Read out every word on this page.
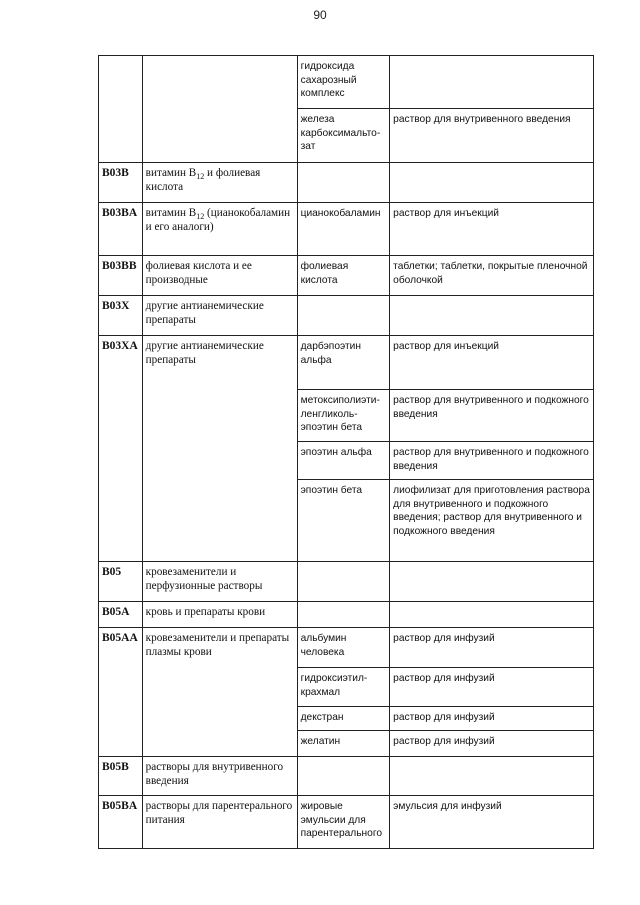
90

		гидроксида сахарозный комплекс	

		железа карбоксимальто-зат	раствор для внутривенного введения
B03B	витамин $B_{12}$ и фолиевая кислота		
B03BA	витамин $B_{12}$ (цианокобаламин и его аналоги)	цианокобаламин	раствор для инъекций
B03BB	фолиевая кислота и ее производные	фолиевая кислота	таблетки; таблетки, покрытые пленочной оболочкой
B03X	другие антианемические препараты		
B03XA	другие антианемические препараты	дарбэпоэтин альфа	раствор для инъекций
		метоксиполиэти-ленгликоль-эпоэтин бета	раствор для внутривенного и подкожного введения
		эпоэтин альфа	раствор для внутривенного и подкожного введения
		эпоэтин бета	лиофилизат для приготовления раствора для внутривенного и подкожного введения; раствор для внутривенного и подкожного введения
B05	кровезаменители и перфузионные растворы		
B05A	кровь и препараты крови		
B05AA	кровезаменители и препараты плазмы крови	альбумин человека	раствор для инфузий
		гидроксиэтил-крахмал	раствор для инфузий
		декстран	раствор для инфузий
		желатин	раствор для инфузий
B05B	растворы для внутривенного введения		
B05BA	растворы для парентерального питания	жировые эмульсии для парентерального	эмульсия для инфузий
